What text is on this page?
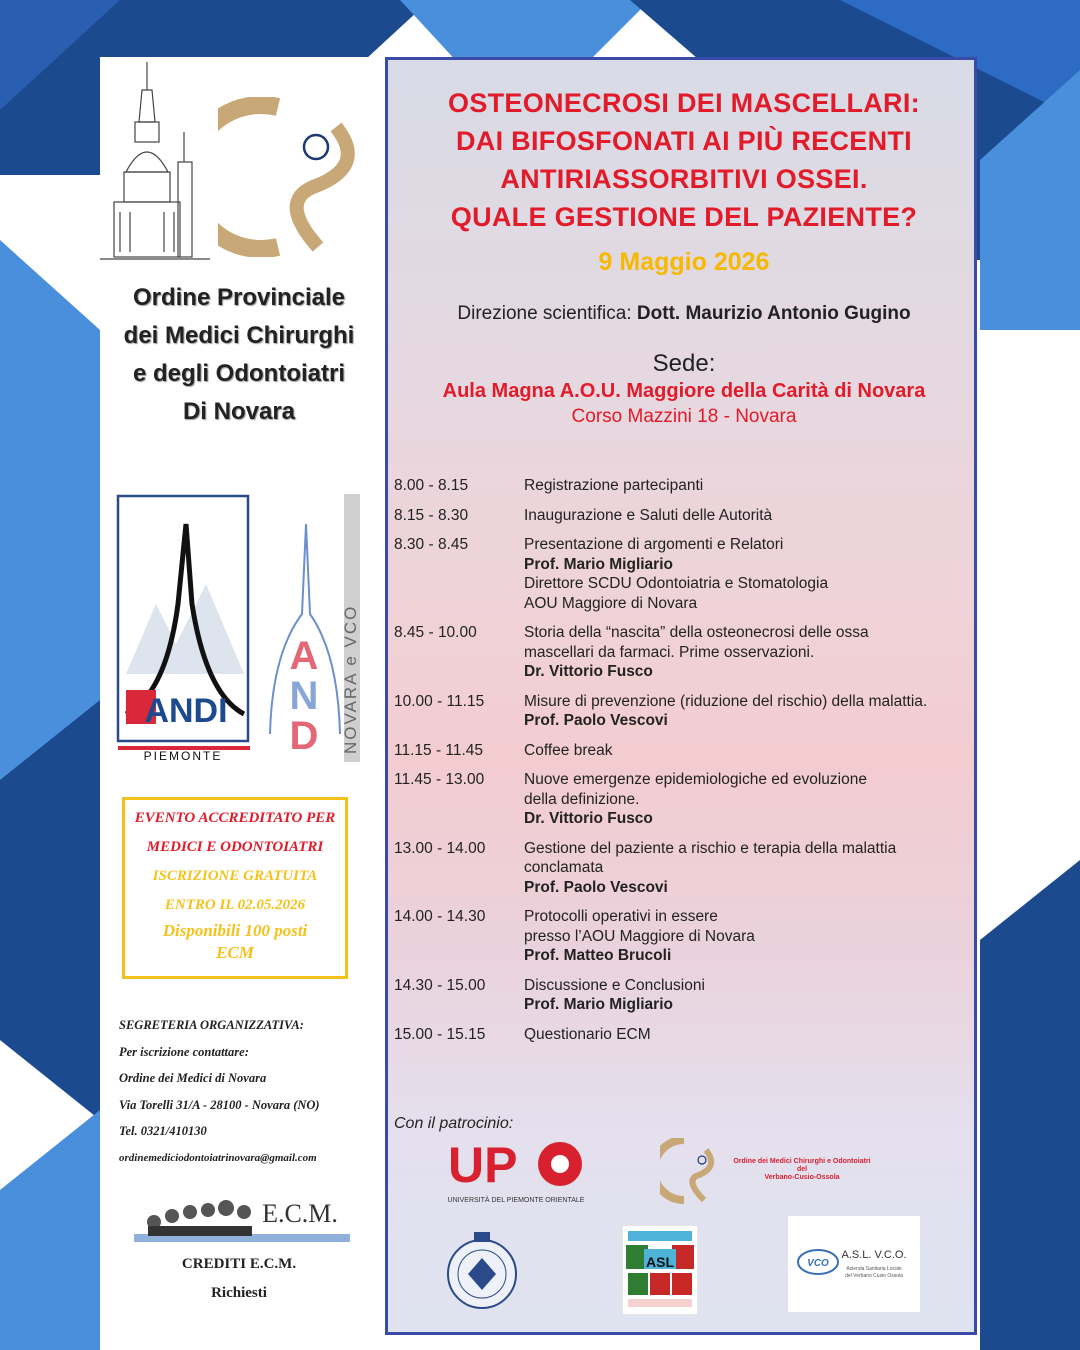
Ordine Provinciale
dei Medici Chirurghi
e degli Odontoiatri
Di Novara
ANDI
PIEMONTE
NOVARA e VCO
A
N
D
EVENTO ACCREDITATO PER
MEDICI E ODONTOIATRI
ISCRIZIONE GRATUITA
ENTRO IL 02.05.2026
Disponibili 100 posti
ECM
SEGRETERIA ORGANIZZATIVA:
Per iscrizione contattare:
Ordine dei Medici di Novara
Via Torelli 31/A - 28100 - Novara (NO)
Tel. 0321/410130
ordinemediciodontoiatrinovara@gmail.com
E.C.M.
CREDITI E.C.M.
Richiesti
OSTEONECROSI DEI MASCELLARI:
DAI BIFOSFONATI AI PIÙ RECENTI
ANTIRIASSORBITIVI OSSEI.
QUALE GESTIONE DEL PAZIENTE?
9 Maggio 2026
Direzione scientifica: Dott. Maurizio Antonio Gugino
Sede:
Aula Magna A.O.U. Maggiore della Carità di Novara
Corso Mazzini 18 - Novara
8.00 - 8.15	Registrazione partecipanti
8.15 - 8.30	Inaugurazione e Saluti delle Autorità
8.30 - 8.45	Presentazione di argomenti e Relatori
Prof. Mario Migliario
Direttore SCDU Odontoiatria e Stomatologia
AOU Maggiore di Novara
8.45 - 10.00	Storia della “nascita” della osteonecrosi delle ossa
mascellari da farmaci. Prime osservazioni.
Dr. Vittorio Fusco
10.00 - 11.15	Misure di prevenzione (riduzione del rischio) della malattia.
Prof. Paolo Vescovi
11.15 - 11.45	Coffee break
11.45 - 13.00	Nuove emergenze epidemiologiche ed evoluzione
della definizione.
Dr. Vittorio Fusco
13.00 - 14.00	Gestione del paziente a rischio e terapia della malattia
conclamata
Prof. Paolo Vescovi
14.00 - 14.30	Protocolli operativi in essere
presso l’AOU Maggiore di Novara
Prof. Matteo Brucoli
14.30 - 15.00	Discussione e Conclusioni
Prof. Mario Migliario
15.00 - 15.15	Questionario ECM
Con il patrocinio:
UP
UNIVERSITÀ DEL PIEMONTE ORIENTALE
Ordine dei Medici Chirurghi e Odontoiatri
del
Verbano-Cusio-Ossola
ASL	VCO
A.S.L. V.C.O.
Azienda Sanitaria Locale
del Verbano Cusio Ossola
